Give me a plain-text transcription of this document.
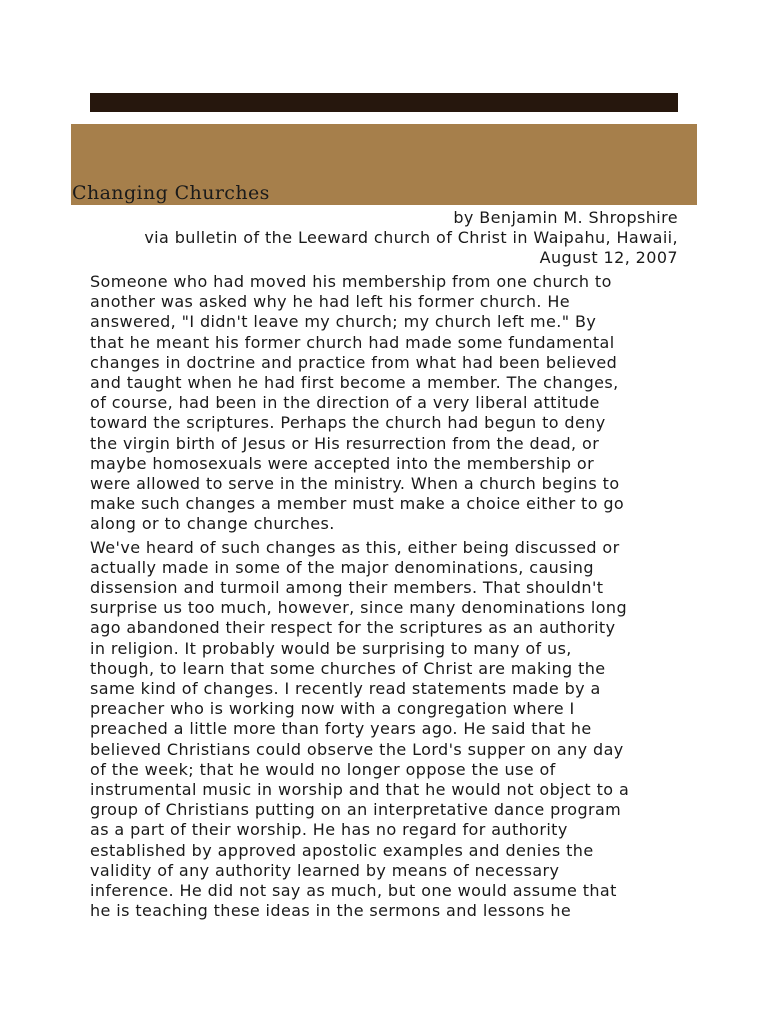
Changing Churches
by Benjamin M. Shropshire
via bulletin of the Leeward church of Christ in Waipahu, Hawaii,
August 12, 2007

Someone who had moved his membership from one church to
another was asked why he had left his former church. He
answered, "I didn't leave my church; my church left me." By
that he meant his former church had made some fundamental
changes in doctrine and practice from what had been believed
and taught when he had first become a member. The changes,
of course, had been in the direction of a very liberal attitude
toward the scriptures. Perhaps the church had begun to deny
the virgin birth of Jesus or His resurrection from the dead, or
maybe homosexuals were accepted into the membership or
were allowed to serve in the ministry. When a church begins to
make such changes a member must make a choice either to go
along or to change churches.

We've heard of such changes as this, either being discussed or
actually made in some of the major denominations, causing
dissension and turmoil among their members. That shouldn't
surprise us too much, however, since many denominations long
ago abandoned their respect for the scriptures as an authority
in religion. It probably would be surprising to many of us,
though, to learn that some churches of Christ are making the
same kind of changes. I recently read statements made by a
preacher who is working now with a congregation where I
preached a little more than forty years ago. He said that he
believed Christians could observe the Lord's supper on any day
of the week; that he would no longer oppose the use of
instrumental music in worship and that he would not object to a
group of Christians putting on an interpretative dance program
as a part of their worship. He has no regard for authority
established by approved apostolic examples and denies the
validity of any authority learned by means of necessary
inference. He did not say as much, but one would assume that
he is teaching these ideas in the sermons and lessons he
